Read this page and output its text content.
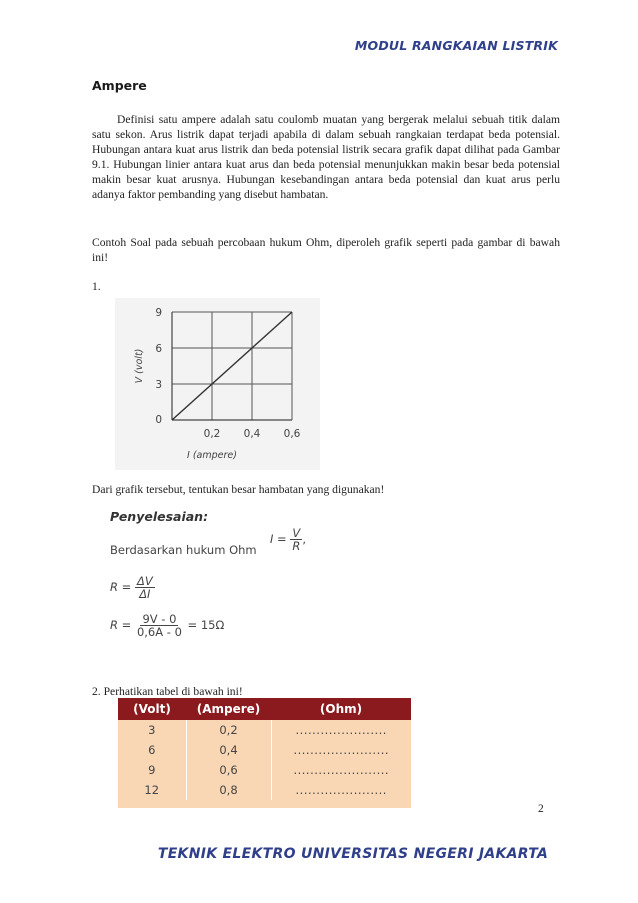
MODUL RANGKAIAN LISTRIK
Ampere
Definisi satu ampere adalah satu coulomb muatan yang bergerak melalui sebuah titik dalam satu sekon. Arus listrik dapat terjadi apabila di dalam sebuah rangkaian terdapat beda potensial. Hubungan antara kuat arus listrik dan beda potensial listrik secara grafik dapat dilihat pada Gambar 9.1. Hubungan linier antara kuat arus dan beda potensial menunjukkan makin besar beda potensial makin besar kuat arusnya. Hubungan kesebandingan antara beda potensial dan kuat arus perlu adanya faktor pembanding yang disebut hambatan.
Contoh Soal pada sebuah percobaan hukum Ohm, diperoleh grafik seperti pada gambar di bawah ini!
1.
0,2 0,4 0,6
0
3
6
9
I (ampere)
V (volt)
Dari grafik tersebut, tentukan besar hambatan yang digunakan!
Penyelesaian:
Berdasarkan hukum Ohm
$I = \frac{V}{R}$ ,
$R = \frac{\Delta V}{\Delta I}$
$R = \frac{9V - 0}{0,6A - 0} = 15\Omega$
2. Perhatikan tabel di bawah ini!
(Volt)	(Ampere)	(Ohm)
3	0,2	......................
6	0,4	.......................
9	0,6	.......................
12	0,8	......................
2
TEKNIK ELEKTRO UNIVERSITAS NEGERI JAKARTA
